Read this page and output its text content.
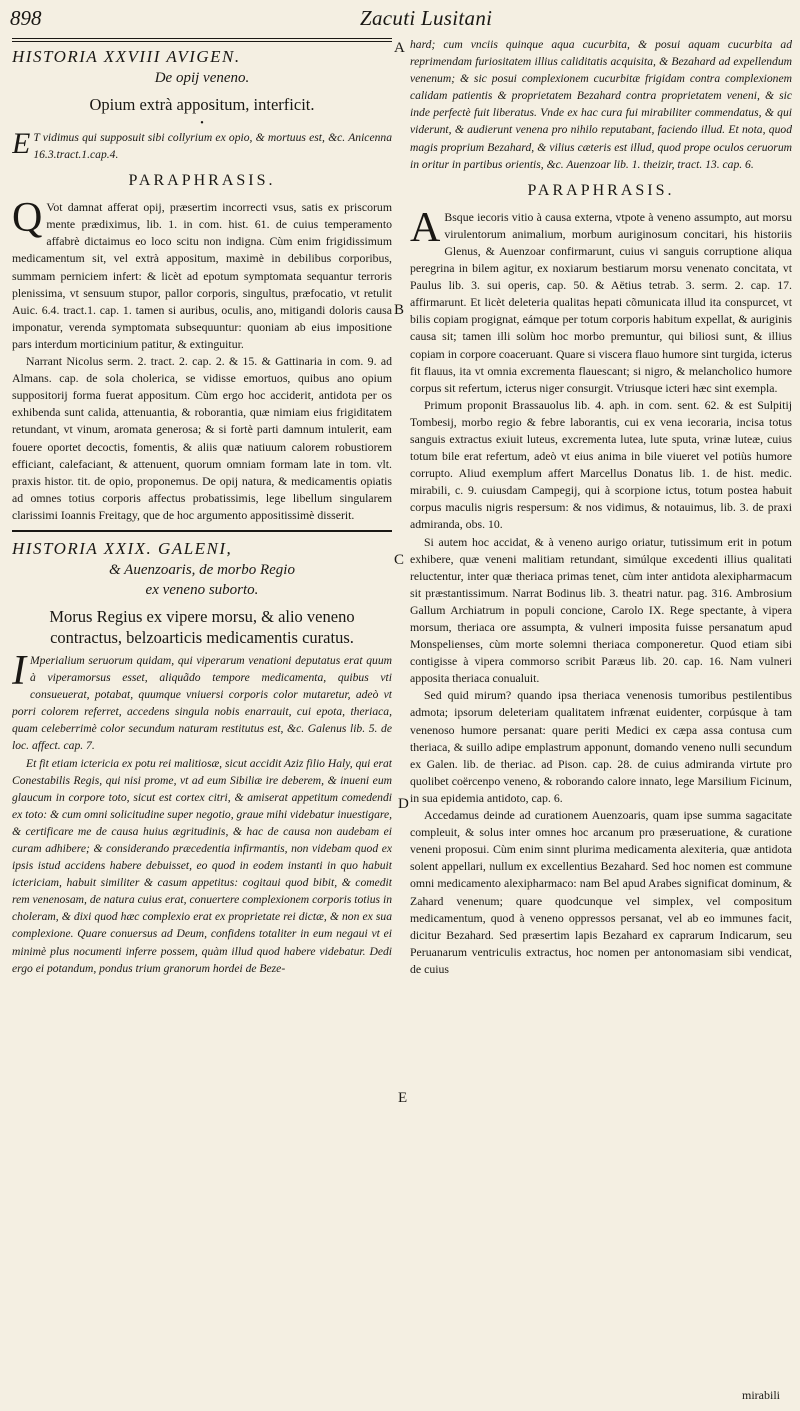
898	Zacuti Lusitani
A
B
C
D
E

HISTORIA XXVIII AVIGEN.

De opij veneno.

Opium extrà appositum, interficit.

•

E T vidimus qui supposuit sibi collyrium ex opio, & mortuus est, &c. Anicenna 16.3.tract.1.cap.4.

PARAPHRASIS.

Q Vot damnat afferat opij, præsertim incorrecti vsus, satis ex priscorum mente prædiximus, lib. 1. in com. hist. 61. de cuius temperamento affabrè dictaimus eo loco scitu non indigna. Cùm enim frigidissimum medicamentum sit, vel extrà appositum, maximè in debilibus corporibus, summam perniciem infert: & licèt ad epotum symptomata sequantur terroris plenissima, vt sensuum stupor, pallor corporis, singultus, præfocatio, vt retulit Auic. 6.4. tract.1. cap. 1. tamen si auribus, oculis, ano, mitigandi doloris causa imponatur, verenda symptomata subsequuntur: quoniam ab eius impositione pars interdum morticinium patitur, & extinguitur.

Narrant Nicolus serm. 2. tract. 2. cap. 2. & 15. & Gattinaria in com. 9. ad Almans. cap. de sola cholerica, se vidisse emortuos, quibus ano opium suppositorij forma fuerat appositum. Cùm ergo hoc acciderit, antidota per os exhibenda sunt calida, attenuantia, & roborantia, quæ nimiam eius frigiditatem retundant, vt vinum, aromata generosa; & si fortè parti damnum intulerit, eam fouere oportet decoctis, fomentis, & aliis quæ natiuum calorem robustiorem efficiant, calefaciant, & attenuent, quorum omniam formam late in tom. vlt. praxis histor. tit. de opio, proponemus. De opij natura, & medicamentis opiatis ad omnes totius corporis affectus probatissimis, lege libellum singularem clarissimi Ioannis Freitagy, que de hoc argumento appositissimè disserit.

HISTORIA XXIX. GALENI,

& Auenzoaris, de morbo Regio

ex veneno suborto.

Morus Regius ex vipere morsu, & alio veneno contractus, belzoarticis medicamentis curatus.

I Mperialium seruorum quidam, qui viperarum venationi deputatus erat quum à viperamorsus esset, aliquãdo tempore medicamenta, quibus vti consueuerat, potabat, quumque vniuersi corporis color mutaretur, adeò vt porri colorem referret, accedens singula nobis enarrauit, cui epota, theriaca, quam celeberrimè color secundum naturam restitutus est, &c. Galenus lib. 5. de loc. affect. cap. 7.

Et fit etiam ictericia ex potu rei malitiosæ, sicut accidit Aziz filio Haly, qui erat Conestabilis Regis, qui nisi prome, vt ad eum Sibiliæ ire deberem, & inueni eum glaucum in corpore toto, sicut est cortex citri, & amiserat appetitum comedendi ex toto: & cum omni solicitudine super negotio, graue mihi videbatur inuestigare, & certificare me de causa huius ægritudinis, & hac de causa non audebam ei curam adhibere; & considerando præcedentia infirmantis, non videbam quod ex ipsis istud accidens habere debuisset, eo quod in eodem instanti in quo habuit ictericiam, habuit similiter & casum appetitus: cogitaui quod bibit, & comedit rem venenosam, de natura cuius erat, conuertere complexionem corporis totius in choleram, & dixi quod hæc complexio erat ex proprietate rei dictæ, & non ex sua complexione. Quare conuersus ad Deum, confidens totaliter in eum negaui vt ei minimè plus nocumenti inferre possem, quàm illud quod habere videbatur. Dedi ergo ei potandum, pondus trium granorum hordei de Beze-

hard; cum vnciis quinque aqua cucurbita, & posui aquam cucurbita ad reprimendam furiositatem illius caliditatis acquisita, & Bezahard ad expellendum venenum; & sic posui complexionem cucurbitæ frigidam contra complexionem calidam patientis & proprietatem Bezahard contra proprietatem veneni, & sic inde perfectè fuit liberatus. Vnde ex hac cura fui mirabiliter commendatus, & qui viderunt, & audierunt venena pro nihilo reputabant, faciendo illud. Et nota, quod magis proprium Bezahard, & vilius cæteris est illud, quod prope oculos ceruorum in oritur in partibus orientis, &c. Auenzoar lib. 1. theizir, tract. 13. cap. 6.

PARAPHRASIS.

A Bsque iecoris vitio à causa externa, vtpote à veneno assumpto, aut morsu virulentorum animalium, morbum auriginosum concitari, his historiis Glenus, & Auenzoar confirmarunt, cuius vi sanguis corruptione aliqua peregrina in bilem agitur, ex noxiarum bestiarum morsu venenato concitata, vt Paulus lib. 3. sui operis, cap. 50. & Aëtius tetrab. 3. serm. 2. cap. 17. affirmarunt. Et licèt deleteria qualitas hepati cõmunicata illud ita conspurcet, vt bilis copiam progignat, eámque per totum corporis habitum expellat, & auriginis causa sit; tamen illi solùm hoc morbo premuntur, qui biliosi sunt, & illius copiam in corpore coaceruant. Quare si viscera flauo humore sint turgida, icterus fit flauus, ita vt omnia excrementa flauescant; si nigro, & melancholico humore corpus sit refertum, icterus niger consurgit. Vtriusque icteri hæc sint exempla.

Primum proponit Brassauolus lib. 4. aph. in com. sent. 62. & est Sulpitij Tombesij, morbo regio & febre laborantis, cui ex vena iecoraria, incisa totus sanguis extractus exiuit luteus, excrementa lutea, lute sputa, vrinæ luteæ, cuius totum bile erat refertum, adeò vt eius anima in bile viueret vel potiùs humore corrupto. Aliud exemplum affert Marcellus Donatus lib. 1. de hist. medic. mirabili, c. 9. cuiusdam Campegij, qui à scorpione ictus, totum postea habuit corpus maculis nigris respersum: & nos vidimus, & notauimus, lib. 3. de praxi admiranda, obs. 10.

Si autem hoc accidat, & à veneno aurigo oriatur, tutissimum erit in potum exhibere, quæ veneni malitiam retundant, simúlque excedenti illius qualitati reluctentur, inter quæ theriaca primas tenet, cùm inter antidota alexipharmacum sit præstantissimum. Narrat Bodinus lib. 3. theatri natur. pag. 316. Ambrosium Gallum Archiatrum in populi concione, Carolo IX. Rege spectante, à vipera morsum, theriaca ore assumpta, & vulneri imposita fuisse persanatum apud Monspelienses, cùm morte solemni theriaca componeretur. Quod etiam sibi contigisse à vipera commorso scribit Paræus lib. 20. cap. 16. Nam vulneri apposita theriaca conualuit.

Sed quid mirum? quando ipsa theriaca venenosis tumoribus pestilentibus admota; ipsorum deleteriam qualitatem infrænat euidenter, corpúsque à tam venenoso humore persanat: quare periti Medici ex cæpa assa contusa cum theriaca, & suillo adipe emplastrum apponunt, domando veneno nulli secundum ex Galen. lib. de theriac. ad Pison. cap. 28. de cuius admiranda virtute pro quolibet coërcenpo veneno, & roborando calore innato, lege Marsilium Ficinum, in sua epidemia antidoto, cap. 6.

Accedamus deinde ad curationem Auenzoaris, quam ipse summa sagacitate compleuit, & solus inter omnes hoc arcanum pro præseruatione, & curatione veneni proposui. Cùm enim sinnt plurima medicamenta alexiteria, quæ antidota solent appellari, nullum ex excellentius Bezahard. Sed hoc nomen est commune omni medicamento alexipharmaco: nam Bel apud Arabes significat dominum, & Zahard venenum; quare quodcunque vel simplex, vel compositum medicamentum, quod à veneno oppressos persanat, vel ab eo immunes facit, dicitur Bezahard. Sed præsertim lapis Bezahard ex caprarum Indicarum, seu Peruanarum ventriculis extractus, hoc nomen per antonomasiam sibi vendicat, de cuius

mirabili
